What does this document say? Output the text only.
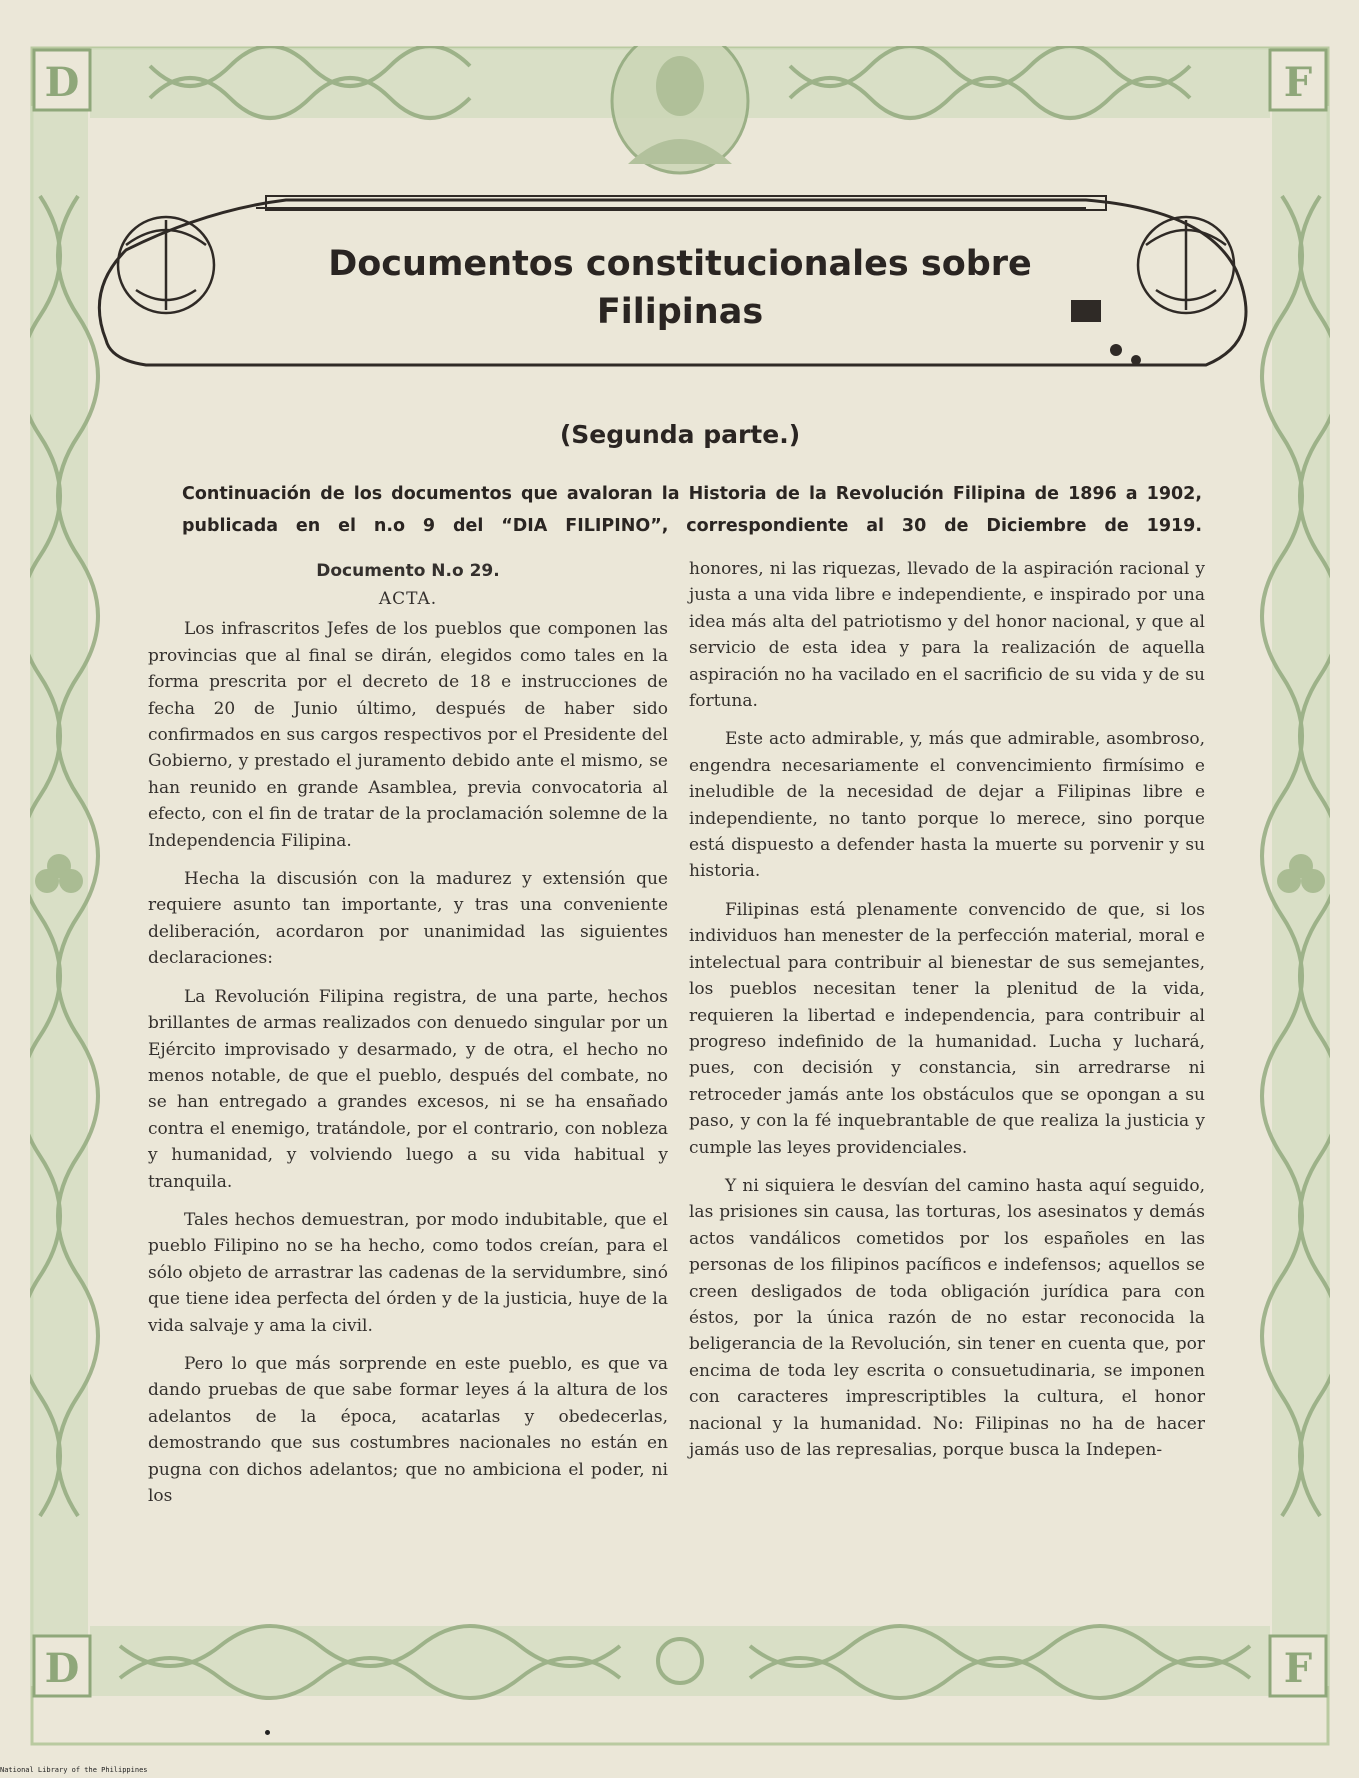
D	F
D	F
Documentos constitucionales sobre Filipinas
(Segunda parte.)
Continuación de los documentos que avaloran la Historia de la Revolución Filipina de 1896 a 1902, publicada en el n.o 9 del “DIA FILIPINO”, correspondiente al 30 de Diciembre de 1919.

Documento N.o 29.

ACTA.

Los infrascritos Jefes de los pueblos que componen las provincias que al final se dirán, elegidos como tales en la forma prescrita por el decreto de 18 e instrucciones de fecha 20 de Junio último, después de haber sido confirmados en sus cargos respectivos por el Presidente del Gobierno, y prestado el juramento debido ante el mismo, se han reunido en grande Asamblea, previa convocatoria al efecto, con el fin de tratar de la proclamación solemne de la Independencia Filipina.

Hecha la discusión con la madurez y extensión que requiere asunto tan importante, y tras una conveniente deliberación, acordaron por unanimidad las siguientes declaraciones:

La Revolución Filipina registra, de una parte, hechos brillantes de armas realizados con denuedo singular por un Ejército improvisado y desarmado, y de otra, el hecho no menos notable, de que el pueblo, después del combate, no se han entregado a grandes excesos, ni se ha ensañado contra el enemigo, tratándole, por el contrario, con nobleza y humanidad, y volviendo luego a su vida habitual y tranquila.

Tales hechos demuestran, por modo indubitable, que el pueblo Filipino no se ha hecho, como todos creían, para el sólo objeto de arrastrar las cadenas de la servidumbre, sinó que tiene idea perfecta del órden y de la justicia, huye de la vida salvaje y ama la civil.

Pero lo que más sorprende en este pueblo, es que va dando pruebas de que sabe formar leyes á la altura de los adelantos de la época, acatarlas y obedecerlas, demostrando que sus costumbres nacionales no están en pugna con dichos adelantos; que no ambiciona el poder, ni los

honores, ni las riquezas, llevado de la aspiración racional y justa a una vida libre e independiente, e inspirado por una idea más alta del patriotismo y del honor nacional, y que al servicio de esta idea y para la realización de aquella aspiración no ha vacilado en el sacrificio de su vida y de su fortuna.

Este acto admirable, y, más que admirable, asombroso, engendra necesariamente el convencimiento firmísimo e ineludible de la necesidad de dejar a Filipinas libre e independiente, no tanto porque lo merece, sino porque está dispuesto a defender hasta la muerte su porvenir y su historia.

Filipinas está plenamente convencido de que, si los individuos han menester de la perfección material, moral e intelectual para contribuir al bienestar de sus semejantes, los pueblos necesitan tener la plenitud de la vida, requieren la libertad e independencia, para contribuir al progreso indefinido de la humanidad. Lucha y luchará, pues, con decisión y constancia, sin arredrarse ni retroceder jamás ante los obstáculos que se opongan a su paso, y con la fé inquebrantable de que realiza la justicia y cumple las leyes providenciales.

Y ni siquiera le desvían del camino hasta aquí seguido, las prisiones sin causa, las torturas, los asesinatos y demás actos vandálicos cometidos por los españoles en las personas de los filipinos pacíficos e indefensos; aquellos se creen desligados de toda obligación jurídica para con éstos, por la única razón de no estar reconocida la beligerancia de la Revolución, sin tener en cuenta que, por encima de toda ley escrita o consuetudinaria, se imponen con caracteres imprescriptibles la cultura, el honor nacional y la humanidad. No: Filipinas no ha de hacer jamás uso de las represalias, porque busca la Indepen-

National Library of the Philippines
